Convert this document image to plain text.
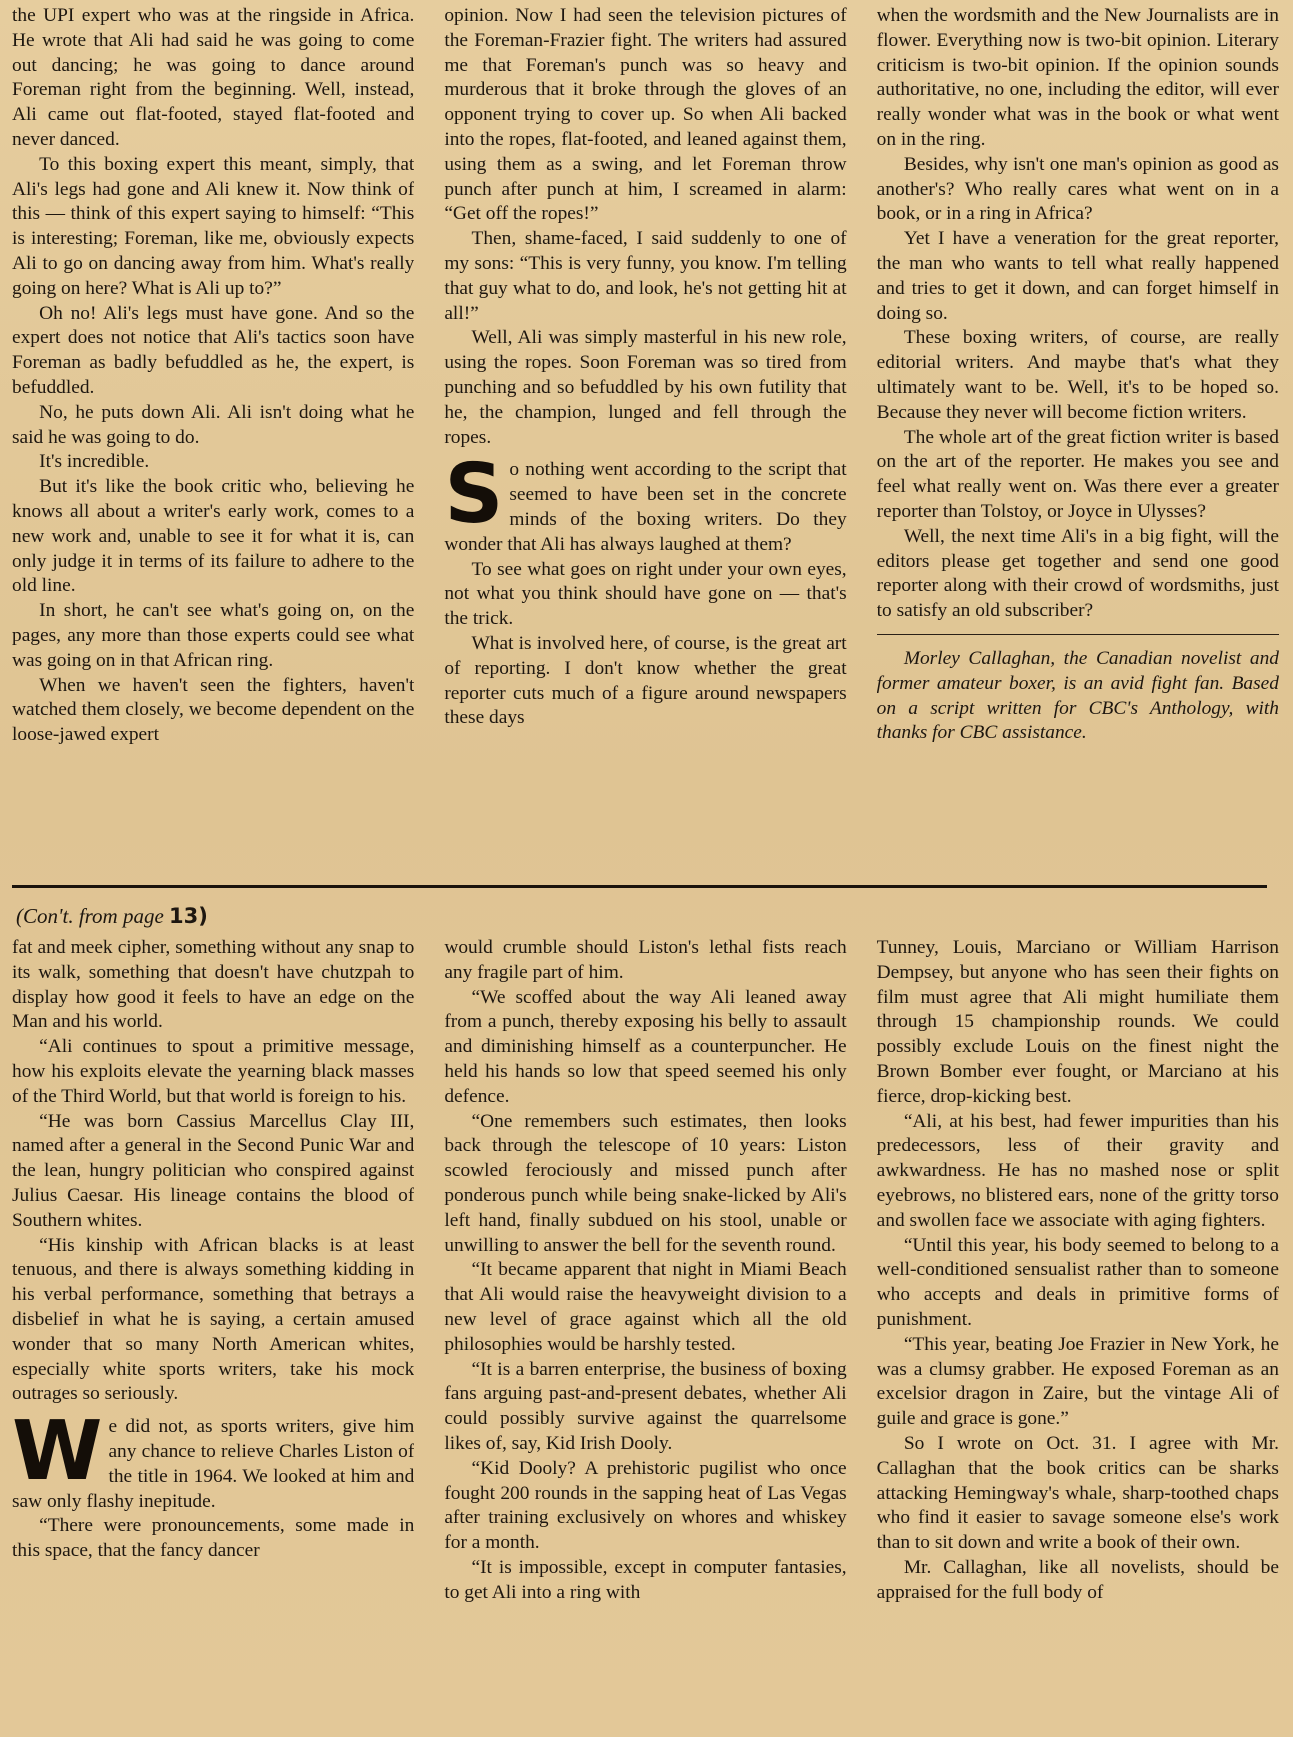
the UPI expert who was at the ringside in Africa. He wrote that Ali had said he was going to come out dancing; he was going to dance around Foreman right from the beginning. Well, instead, Ali came out flat-footed, stayed flat-footed and never danced.

To this boxing expert this meant, simply, that Ali's legs had gone and Ali knew it. Now think of this — think of this expert saying to himself: “This is interesting; Foreman, like me, obviously expects Ali to go on dancing away from him. What's really going on here? What is Ali up to?”

Oh no! Ali's legs must have gone. And so the expert does not notice that Ali's tactics soon have Foreman as badly befuddled as he, the expert, is befuddled.

No, he puts down Ali. Ali isn't doing what he said he was going to do.

It's incredible.

But it's like the book critic who, believing he knows all about a writer's early work, comes to a new work and, unable to see it for what it is, can only judge it in terms of its failure to adhere to the old line.

In short, he can't see what's going on, on the pages, any more than those experts could see what was going on in that African ring.

When we haven't seen the fighters, haven't watched them closely, we become dependent on the loose-jawed expert

opinion. Now I had seen the television pictures of the Foreman-Frazier fight. The writers had assured me that Foreman's punch was so heavy and murderous that it broke through the gloves of an opponent trying to cover up. So when Ali backed into the ropes, flat-footed, and leaned against them, using them as a swing, and let Foreman throw punch after punch at him, I screamed in alarm: “Get off the ropes!”

Then, shame-faced, I said suddenly to one of my sons: “This is very funny, you know. I'm telling that guy what to do, and look, he's not getting hit at all!”

Well, Ali was simply masterful in his new role, using the ropes. Soon Foreman was so tired from punching and so befuddled by his own futility that he, the champion, lunged and fell through the ropes.

So nothing went according to the script that seemed to have been set in the concrete minds of the boxing writers. Do they wonder that Ali has always laughed at them?

To see what goes on right under your own eyes, not what you think should have gone on — that's the trick.

What is involved here, of course, is the great art of reporting. I don't know whether the great reporter cuts much of a figure around newspapers these days

when the wordsmith and the New Journalists are in flower. Everything now is two-bit opinion. Literary criticism is two-bit opinion. If the opinion sounds authoritative, no one, including the editor, will ever really wonder what was in the book or what went on in the ring.

Besides, why isn't one man's opinion as good as another's? Who really cares what went on in a book, or in a ring in Africa?

Yet I have a veneration for the great reporter, the man who wants to tell what really happened and tries to get it down, and can forget himself in doing so.

These boxing writers, of course, are really editorial writers. And maybe that's what they ultimately want to be. Well, it's to be hoped so. Because they never will become fiction writers.

The whole art of the great fiction writer is based on the art of the reporter. He makes you see and feel what really went on. Was there ever a greater reporter than Tolstoy, or Joyce in Ulysses?

Well, the next time Ali's in a big fight, will the editors please get together and send one good reporter along with their crowd of wordsmiths, just to satisfy an old subscriber?

Morley Callaghan, the Canadian novelist and former amateur boxer, is an avid fight fan. Based on a script written for CBC's Anthology, with thanks for CBC assistance.

(Con't. from page 13)

fat and meek cipher, something without any snap to its walk, something that doesn't have chutzpah to display how good it feels to have an edge on the Man and his world.

“Ali continues to spout a primitive message, how his exploits elevate the yearning black masses of the Third World, but that world is foreign to his.

“He was born Cassius Marcellus Clay III, named after a general in the Second Punic War and the lean, hungry politician who conspired against Julius Caesar. His lineage contains the blood of Southern whites.

“His kinship with African blacks is at least tenuous, and there is always something kidding in his verbal performance, something that betrays a disbelief in what he is saying, a certain amused wonder that so many North American whites, especially white sports writers, take his mock outrages so seriously.

We did not, as sports writers, give him any chance to relieve Charles Liston of the title in 1964. We looked at him and saw only flashy inepitude.

“There were pronouncements, some made in this space, that the fancy dancer

would crumble should Liston's lethal fists reach any fragile part of him.

“We scoffed about the way Ali leaned away from a punch, thereby exposing his belly to assault and diminishing himself as a counterpuncher. He held his hands so low that speed seemed his only defence.

“One remembers such estimates, then looks back through the telescope of 10 years: Liston scowled ferociously and missed punch after ponderous punch while being snake-licked by Ali's left hand, finally subdued on his stool, unable or unwilling to answer the bell for the seventh round.

“It became apparent that night in Miami Beach that Ali would raise the heavyweight division to a new level of grace against which all the old philosophies would be harshly tested.

“It is a barren enterprise, the business of boxing fans arguing past-and-present debates, whether Ali could possibly survive against the quarrelsome likes of, say, Kid Irish Dooly.

“Kid Dooly? A prehistoric pugilist who once fought 200 rounds in the sapping heat of Las Vegas after training exclusively on whores and whiskey for a month.

“It is impossible, except in computer fantasies, to get Ali into a ring with

Tunney, Louis, Marciano or William Harrison Dempsey, but anyone who has seen their fights on film must agree that Ali might humiliate them through 15 championship rounds. We could possibly exclude Louis on the finest night the Brown Bomber ever fought, or Marciano at his fierce, drop-kicking best.

“Ali, at his best, had fewer impurities than his predecessors, less of their gravity and awkwardness. He has no mashed nose or split eyebrows, no blistered ears, none of the gritty torso and swollen face we associate with aging fighters.

“Until this year, his body seemed to belong to a well-conditioned sensualist rather than to someone who accepts and deals in primitive forms of punishment.

“This year, beating Joe Frazier in New York, he was a clumsy grabber. He exposed Foreman as an excelsior dragon in Zaire, but the vintage Ali of guile and grace is gone.”

So I wrote on Oct. 31. I agree with Mr. Callaghan that the book critics can be sharks attacking Hemingway's whale, sharp-toothed chaps who find it easier to savage someone else's work than to sit down and write a book of their own.

Mr. Callaghan, like all novelists, should be appraised for the full body of
